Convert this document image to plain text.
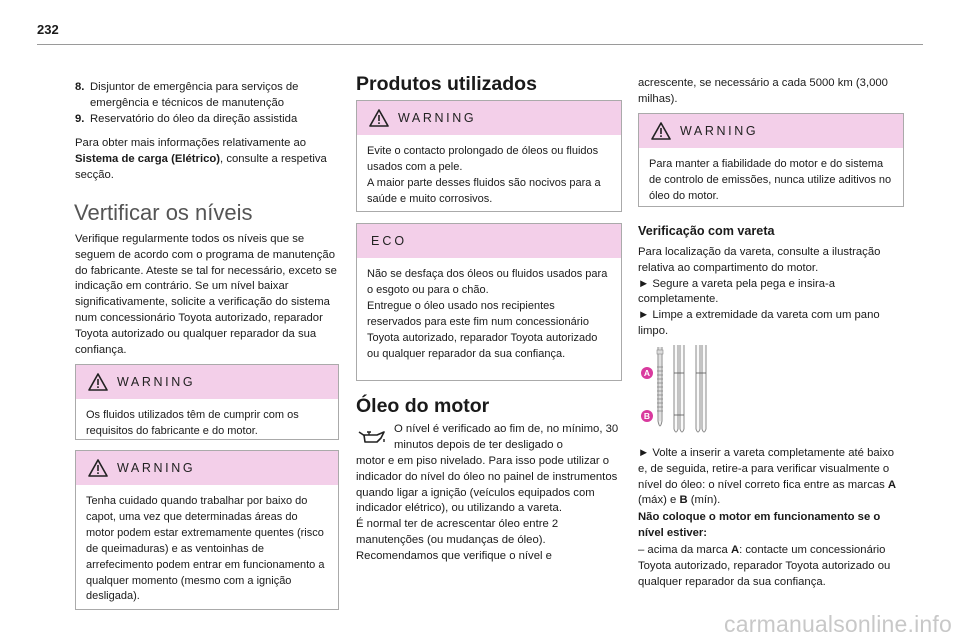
232
8. Disjuntor de emergência para serviços de emergência e técnicos de manutenção
9. Reservatório do óleo da direção assistida

Para obter mais informações relativamente ao Sistema de carga (Elétrico), consulte a respetiva secção.

Vertificar os níveis

Verifique regularmente todos os níveis que se seguem de acordo com o programa de manutenção do fabricante. Ateste se tal for necessário, exceto se indicação em contrário. Se um nível baixar significativamente, solicite a verificação do sistema num concessionário Toyota autorizado, reparador Toyota autorizado ou qualquer reparador da sua confiança.

WARNING
Os fluidos utilizados têm de cumprir com os requisitos do fabricante e do motor.
WARNING
Tenha cuidado quando trabalhar por baixo do capot, uma vez que determinadas áreas do motor podem estar extremamente quentes (risco de queimaduras) e as ventoinhas de arrefecimento podem entrar em funcionamento a qualquer momento (mesmo com a ignição desligada).
Produtos utilizados
WARNING
Evite o contacto prolongado de óleos ou fluidos usados com a pele.
A maior parte desses fluidos são nocivos para a saúde e muito corrosivos.
ECO
Não se desfaça dos óleos ou fluidos usados para o esgoto ou para o chão.
Entregue o óleo usado nos recipientes reservados para este fim num concessionário Toyota autorizado, reparador Toyota autorizado ou qualquer reparador da sua confiança.
Óleo do motor

O nível é verificado ao fim de, no mínimo, 30 minutos depois de ter desligado o

motor e em piso nivelado. Para isso pode utilizar o indicador do nível do óleo no painel de instrumentos quando ligar a ignição (veículos equipados com indicador elétrico), ou utilizando a vareta.
É normal ter de acrescentar óleo entre 2 manutenções (ou mudanças de óleo). Recomendamos que verifique o nível e

acrescente, se necessário a cada 5000 km (3,000 milhas).

WARNING
Para manter a fiabilidade do motor e do sistema de controlo de emissões, nunca utilize aditivos no óleo do motor.
Verificação com vareta

Para localização da vareta, consulte a ilustração relativa ao compartimento do motor.
► Segure a vareta pela pega e insira-a completamente.
► Limpe a extremidade da vareta com um pano limpo.

A
B

► Volte a inserir a vareta completamente até baixo e, de seguida, retire-a para verificar visualmente o nível do óleo: o nível correto fica entre as marcas A (máx) e B (mín).

Não coloque o motor em funcionamento se o nível estiver:

– acima da marca A: contacte um concessionário Toyota autorizado, reparador Toyota autorizado ou qualquer reparador da sua confiança.

carmanualsonline.info
